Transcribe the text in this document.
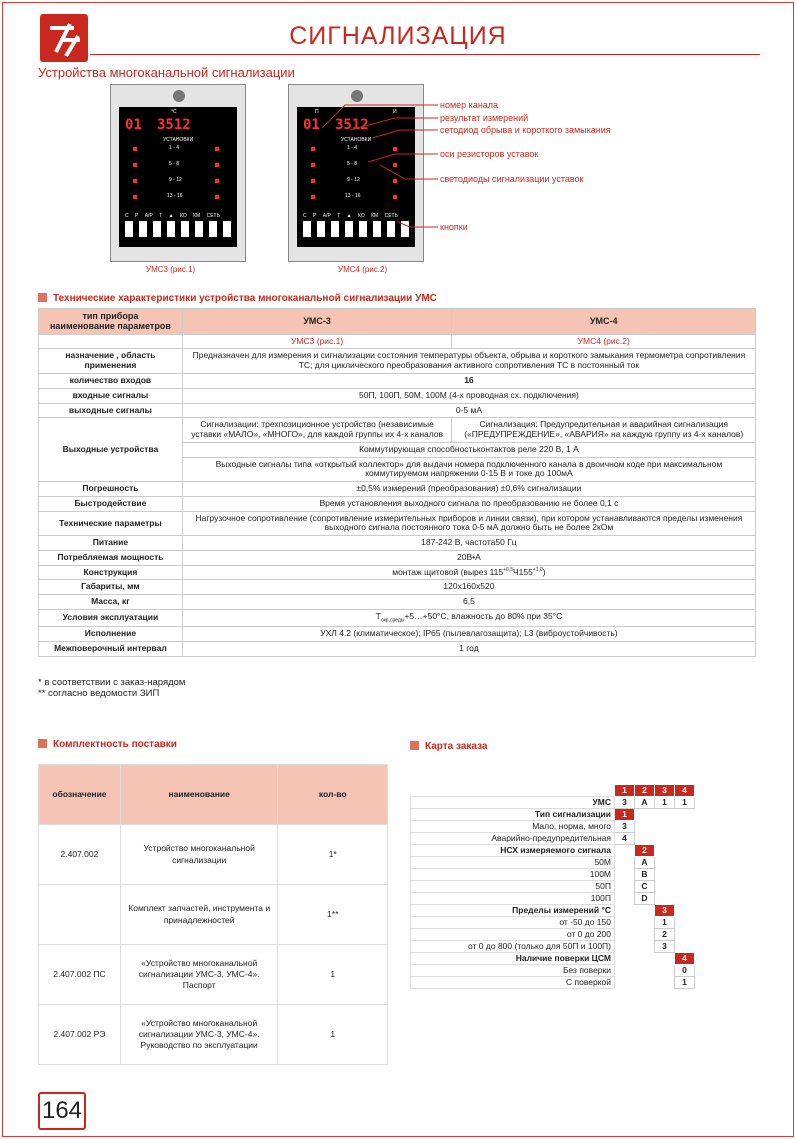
СИГНАЛИЗАЦИЯ
Устройства многоканальной сигнализации
01 3512
°C
УСТАНОВКИ
1 - 4
5 - 8
9 - 12
13 - 16
С Р А/Р Т ▲ КО КМ СЕТЬ
УМС3 (рис.1)
П	И
01 3512
УСТАНОВКИ
1 - 4
5 - 8
9 - 12
13 - 16
С Р А/Р Т ▲ КО КМ СЕТЬ
УМС4 (рис.2)
номер канала
результат измерений
сетодиод обрыва и короткого замыкания
оси резисторов уставок
светодиоды сигнализации уставок
кнопки
Технические характеристики устройства многоканальной сигнализации УМС
тип прибора
наименование параметров	УМС-3	УМС-4
	УМС3 (рис.1)	УМС4 (рис.2)
назначение , область применения	Предназначен для измерения и сигнализации состояния температуры объекта, обрыва и короткого замыкания термометра сопротивления ТС; для циклического преобразования активного сопротивления ТС в постоянный ток	
количество входов	16	
входные сигналы	50П, 100П, 50М, 100М (4-х проводная сх. подключения)	
выходные сигналы	0-5 мА	
Выходные устройства	Сигнализации: трехпозиционное устройство (независимые уставки «МАЛО», «МНОГО», для каждой группы их 4-х каналов	Сигнализация: Предупредительная и аварийная сигнализация («ПРЕДУПРЕЖДЕНИЕ», «АВАРИЯ» на каждую группу из 4-х каналов)
	Коммутирующая способностьконтактов реле 220 В, 1 А	
	Выходные сигналы типа «открытый коллектор» для выдачи номера подключенного канала в двоичном коде при максимальном коммутируемом напряжении 0-15 В и токе до 100мА	
Погрешность	±0,5% измерений (преобразования) ±0,6% сигнализации	
Быстродействие	Время установления выходного сигнала по преобразованию не более 0,1 с	
Технические параметры	Нагрузочное сопротивление (сопротивление измерительных приборов и линии связи), при котором устанавливаются пределы изменения выходного сигнала постоянного тока 0-5 мА должно быть не более 2кОм	
Питание	187-242 В, частота50 Гц	
Потребляемая мощность	20В•А	
Конструкция	монтаж щитовой (вырез $115^{+0,5}Ч155^{+1,0}$)	
Габариты, мм	120х160х520	
Масса, кг	6,5	
Условия эксплуатации	$Т_{окр.среды}+5\dots+50^\circ С$, влажность до 80% при 35°С	
Исполнение	УХЛ 4.2 (климатическое); IP65 (пылевлагозащита); L3 (виброустойчивость)	
Межповерочный интервал	1 год	
* в соответствии с заказ-нарядом
** согласно ведомости ЗИП
Комплектность поставки
обозначение	наименование	кол-во
2.407.002	Устройство многоканальной сигнализации	1*
	Комплект запчастей, инструмента и принадлежностей	1**
2.407.002 ПС	«Устройство многоканальной сигнализации УМС-3, УМС-4». Паспорт	1
2.407.002 РЭ	«Устройство многоканальной сигнализации УМС-3, УМС-4». Руководство по эксплуатации	1
Карта заказа
	1	2	3	4
УМС	3	А	1	1
Тип сигнализации	1			
Мало, норма, много	3			
Аварийно-предупредительная	4			
НСХ измеряемого сигнала		2		
50М		А		
100М		В		
50П		С		
100П		D		
Пределы измерений °С			3	
от -50 до 150			1	
от 0 до 200			2	
от 0 до 800 (только для 50П и 100П)			3	
Наличие поверки ЦСМ				4
Без поверки				0
С поверкой				1
164
